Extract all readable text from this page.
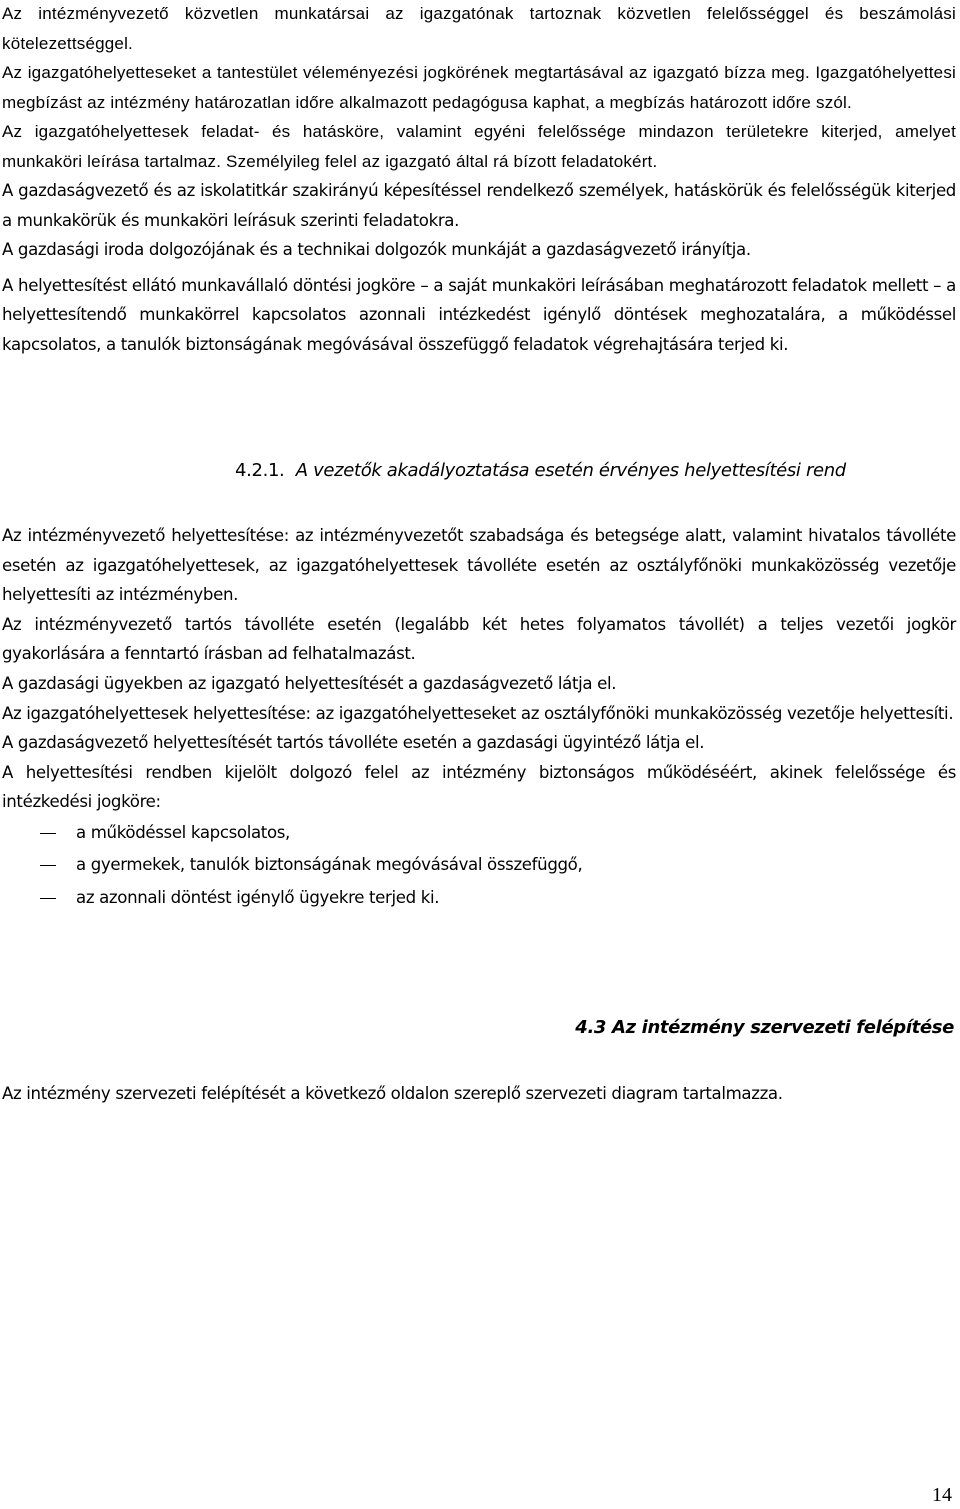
Az intézményvezető közvetlen munkatársai az igazgatónak tartoznak közvetlen felelősséggel és beszámolási kötelezettséggel.

Az igazgatóhelyetteseket a tantestület véleményezési jogkörének megtartásával az igazgató bízza meg. Igazgatóhelyettesi megbízást az intézmény határozatlan időre alkalmazott pedagógusa kaphat, a megbízás határozott időre szól.

Az igazgatóhelyettesek feladat- és hatásköre, valamint egyéni felelőssége mindazon területekre kiterjed, amelyet munkaköri leírása tartalmaz. Személyileg felel az igazgató által rá bízott feladatokért.

A gazdaságvezető és az iskolatitkár szakirányú képesítéssel rendelkező személyek, hatáskörük és felelősségük kiterjed a munkakörük és munkaköri leírásuk szerinti feladatokra.

A gazdasági iroda dolgozójának és a technikai dolgozók munkáját a gazdaságvezető irányítja.

A helyettesítést ellátó munkavállaló döntési jogköre – a saját munkaköri leírásában meghatározott feladatok mellett – a helyettesítendő munkakörrel kapcsolatos azonnali intézkedést igénylő döntések meghozatalára, a működéssel kapcsolatos, a tanulók biztonságának megóvásával összefüggő feladatok végrehajtására terjed ki.

4.2.1. A vezetők akadályoztatása esetén érvényes helyettesítési rend

Az intézményvezető helyettesítése: az intézményvezetőt szabadsága és betegsége alatt, valamint hivatalos távolléte esetén az igazgatóhelyettesek, az igazgatóhelyettesek távolléte esetén az osztályfőnöki munkaközösség vezetője helyettesíti az intézményben.

Az intézményvezető tartós távolléte esetén (legalább két hetes folyamatos távollét) a teljes vezetői jogkör gyakorlására a fenntartó írásban ad felhatalmazást.

A gazdasági ügyekben az igazgató helyettesítését a gazdaságvezető látja el.

Az igazgatóhelyettesek helyettesítése: az igazgatóhelyetteseket az osztályfőnöki munkaközösség vezetője helyettesíti.

A gazdaságvezető helyettesítését tartós távolléte esetén a gazdasági ügyintéző látja el.

A helyettesítési rendben kijelölt dolgozó felel az intézmény biztonságos működéséért, akinek felelőssége és intézkedési jogköre:

a működéssel kapcsolatos,
a gyermekek, tanulók biztonságának megóvásával összefüggő,
az azonnali döntést igénylő ügyekre terjed ki.
4.3 Az intézmény szervezeti felépítése

Az intézmény szervezeti felépítését a következő oldalon szereplő szervezeti diagram tartalmazza.

14
